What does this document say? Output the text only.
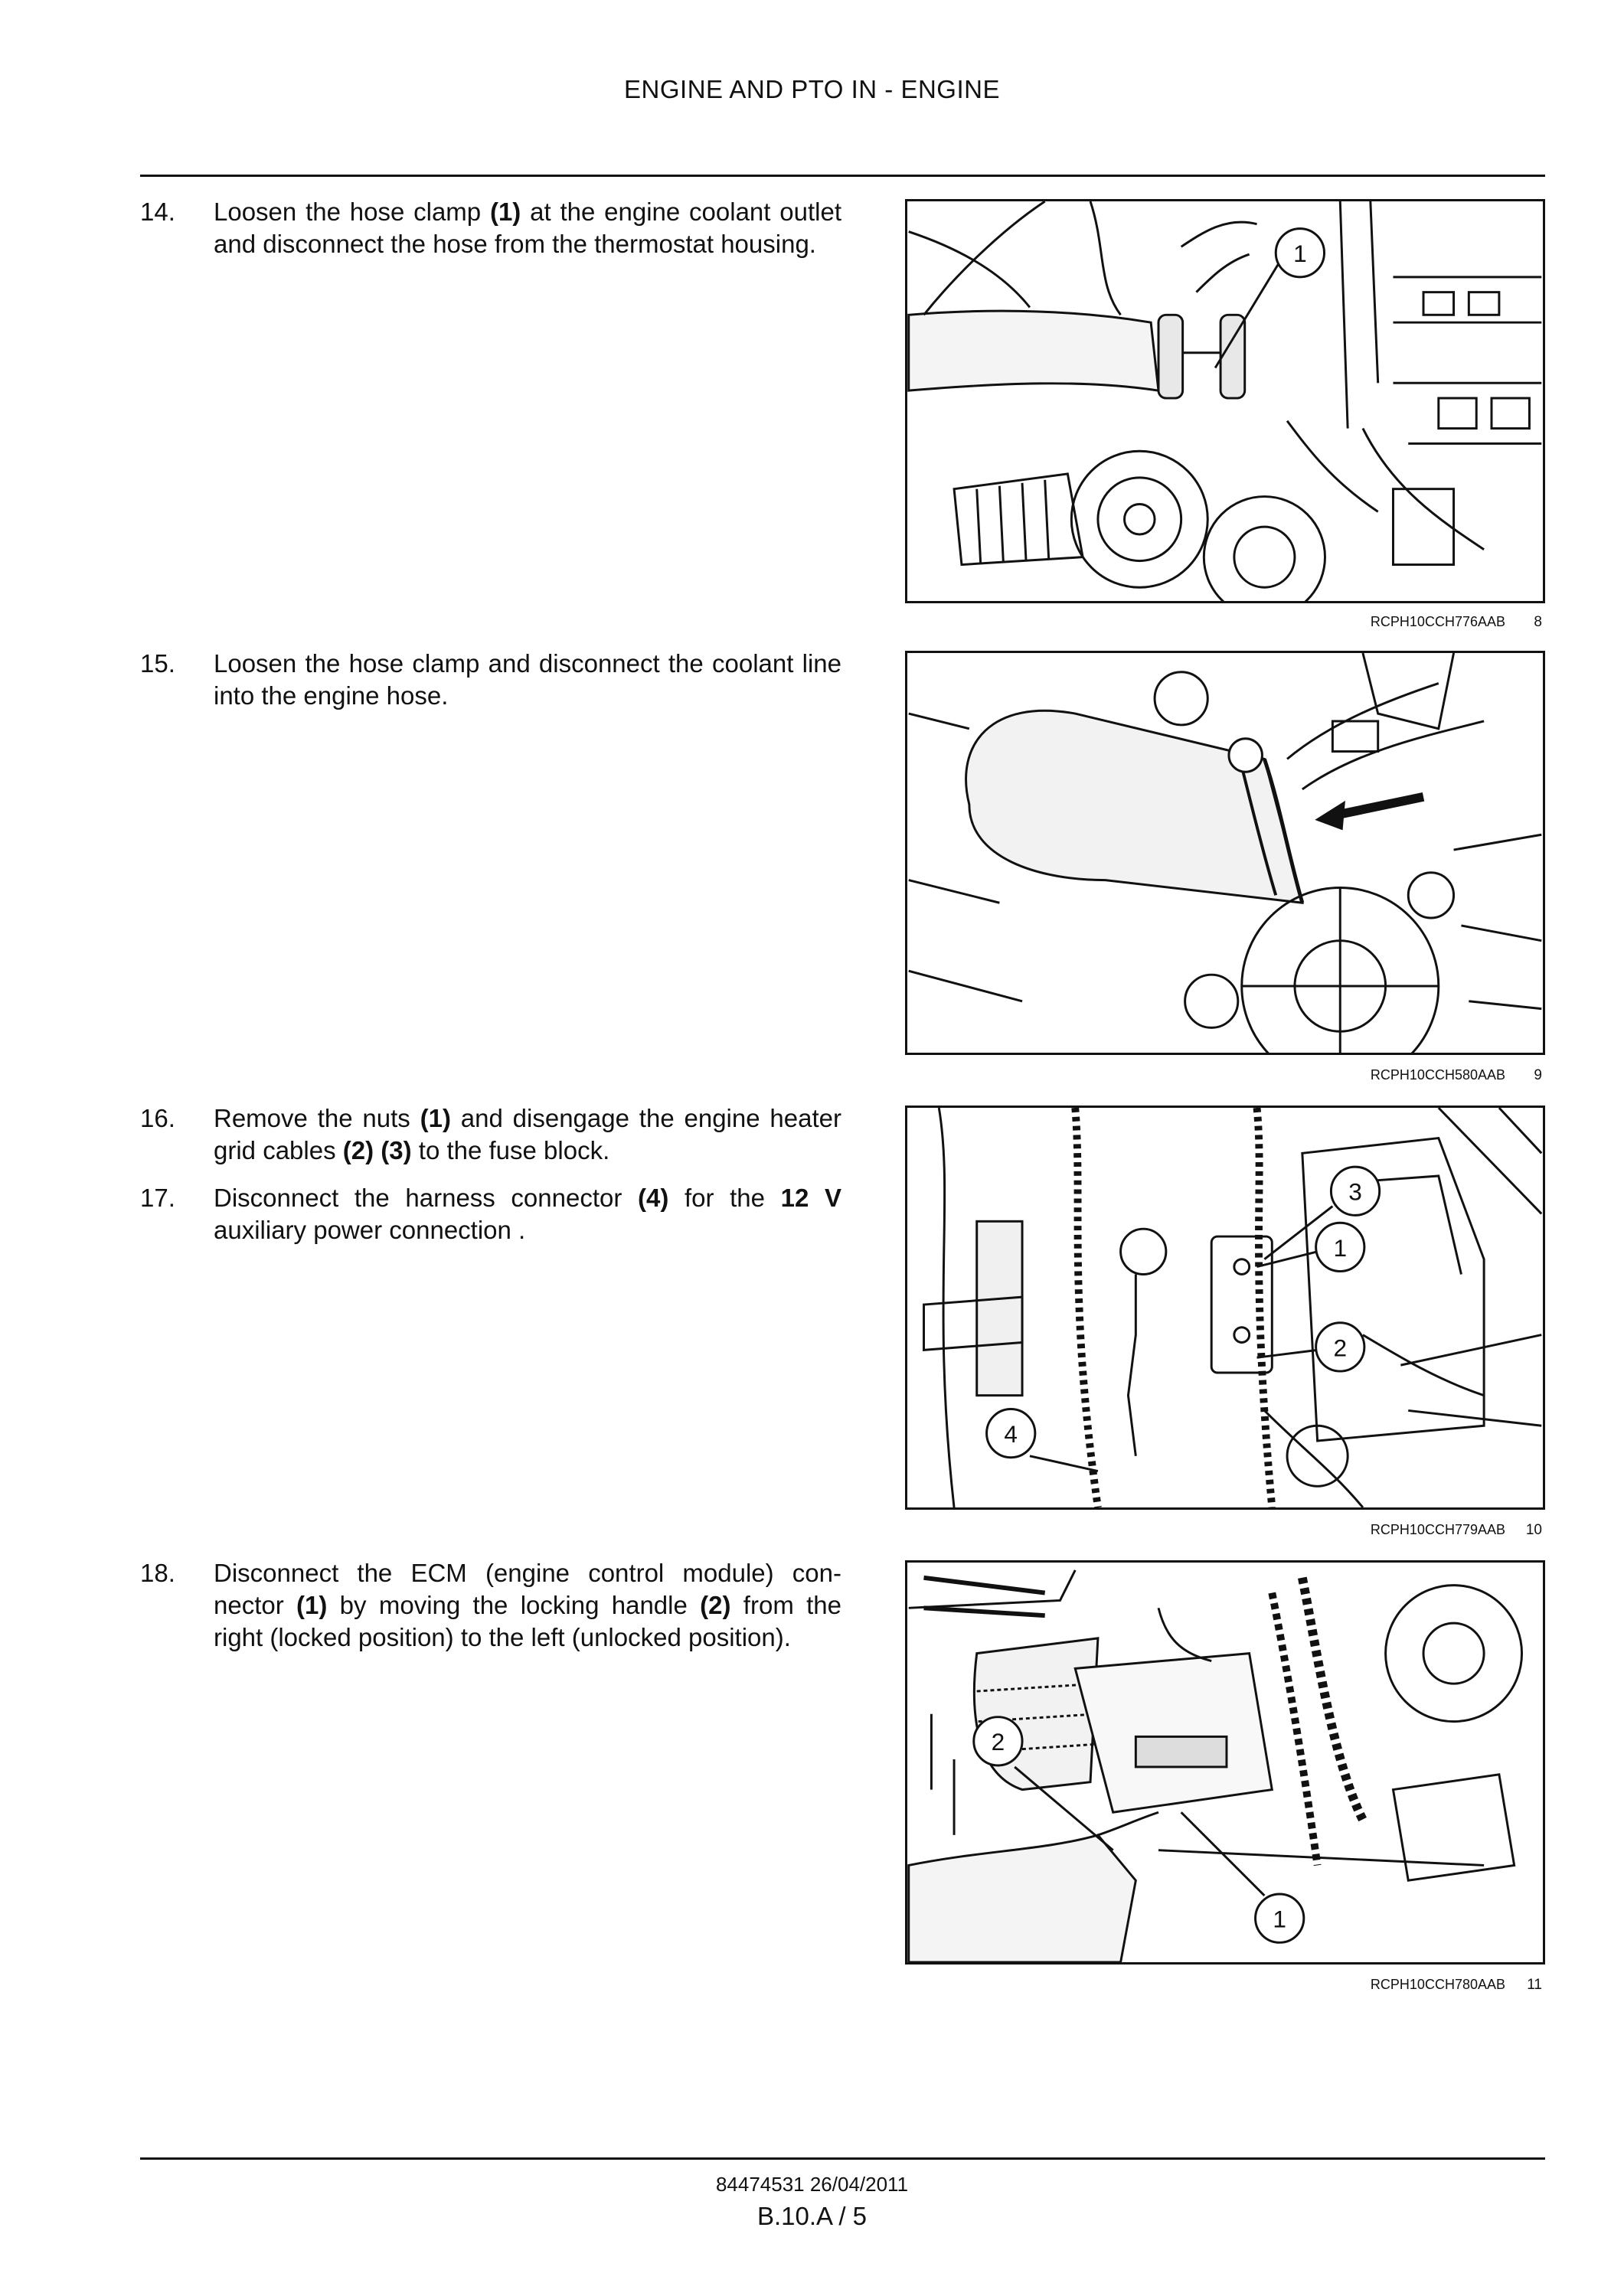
ENGINE AND PTO IN - ENGINE
14.	Loosen the hose clamp (1) at the engine coolant outlet and disconnect the hose from the thermostat housing.	1
RCPH10CCH776AAB 8
15.	Loosen the hose clamp and disconnect the coolant line into the engine hose.
RCPH10CCH580AAB 9
16.	Remove the nuts (1) and disengage the engine heater grid cables (2) (3) to the fuse block.
17.	Disconnect the harness connector (4) for the 12 V auxiliary power connection .
3
1
2
4
RCPH10CCH779AAB 10
18.	Disconnect the ECM (engine control module) con-nector (1) by moving the locking handle (2) from the right (locked position) to the left (unlocked position).
2
1
RCPH10CCH780AAB 11
84474531 26/04/2011
B.10.A / 5
